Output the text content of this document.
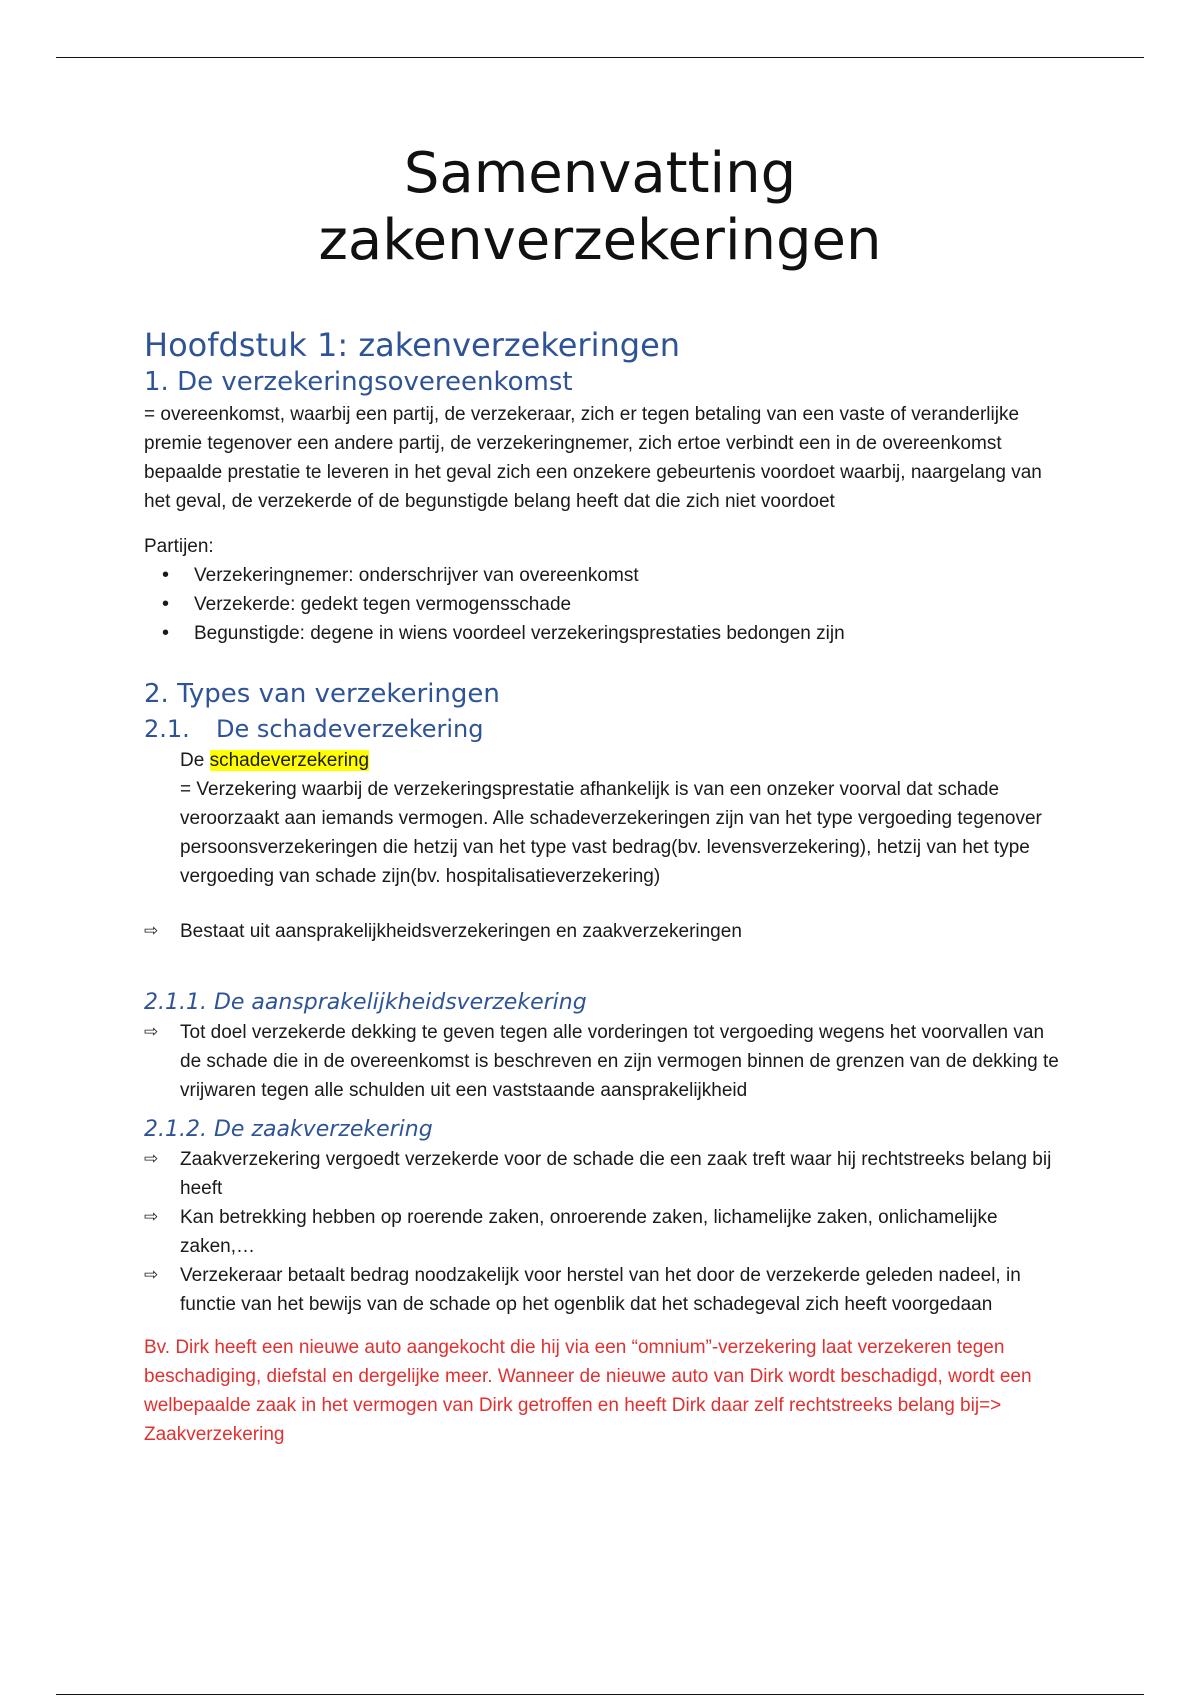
Samenvatting
zakenverzekeringen
Hoofdstuk 1: zakenverzekeringen
1. De verzekeringsovereenkomst

= overeenkomst, waarbij een partij, de verzekeraar, zich er tegen betaling van een vaste of veranderlijke premie tegenover een andere partij, de verzekeringnemer, zich ertoe verbindt een in de overeenkomst bepaalde prestatie te leveren in het geval zich een onzekere gebeurtenis voordoet waarbij, naargelang van het geval, de verzekerde of de begunstigde belang heeft dat die zich niet voordoet

Partijen:

• Verzekeringnemer: onderschrijver van overeenkomst
• Verzekerde: gedekt tegen vermogensschade
• Begunstigde: degene in wiens voordeel verzekeringsprestaties bedongen zijn
2. Types van verzekeringen
2.1. De schadeverzekering

De schadeverzekering

= Verzekering waarbij de verzekeringsprestatie afhankelijk is van een onzeker voorval dat schade veroorzaakt aan iemands vermogen. Alle schadeverzekeringen zijn van het type vergoeding tegenover persoonsverzekeringen die hetzij van het type vast bedrag(bv. levensverzekering), hetzij van het type vergoeding van schade zijn(bv. hospitalisatieverzekering)

⇨ Bestaat uit aansprakelijkheidsverzekeringen en zaakverzekeringen
2.1.1. De aansprakelijkheidsverzekering
⇨ Tot doel verzekerde dekking te geven tegen alle vorderingen tot vergoeding wegens het voorvallen van de schade die in de overeenkomst is beschreven en zijn vermogen binnen de grenzen van de dekking te vrijwaren tegen alle schulden uit een vaststaande aansprakelijkheid
2.1.2. De zaakverzekering
⇨ Zaakverzekering vergoedt verzekerde voor de schade die een zaak treft waar hij rechtstreeks belang bij heeft
⇨ Kan betrekking hebben op roerende zaken, onroerende zaken, lichamelijke zaken, onlichamelijke zaken,…
⇨ Verzekeraar betaalt bedrag noodzakelijk voor herstel van het door de verzekerde geleden nadeel, in functie van het bewijs van de schade op het ogenblik dat het schadegeval zich heeft voorgedaan

Bv. Dirk heeft een nieuwe auto aangekocht die hij via een “omnium”-verzekering laat verzekeren tegen beschadiging, diefstal en dergelijke meer. Wanneer de nieuwe auto van Dirk wordt beschadigd, wordt een welbepaalde zaak in het vermogen van Dirk getroffen en heeft Dirk daar zelf rechtstreeks belang bij=> Zaakverzekering
